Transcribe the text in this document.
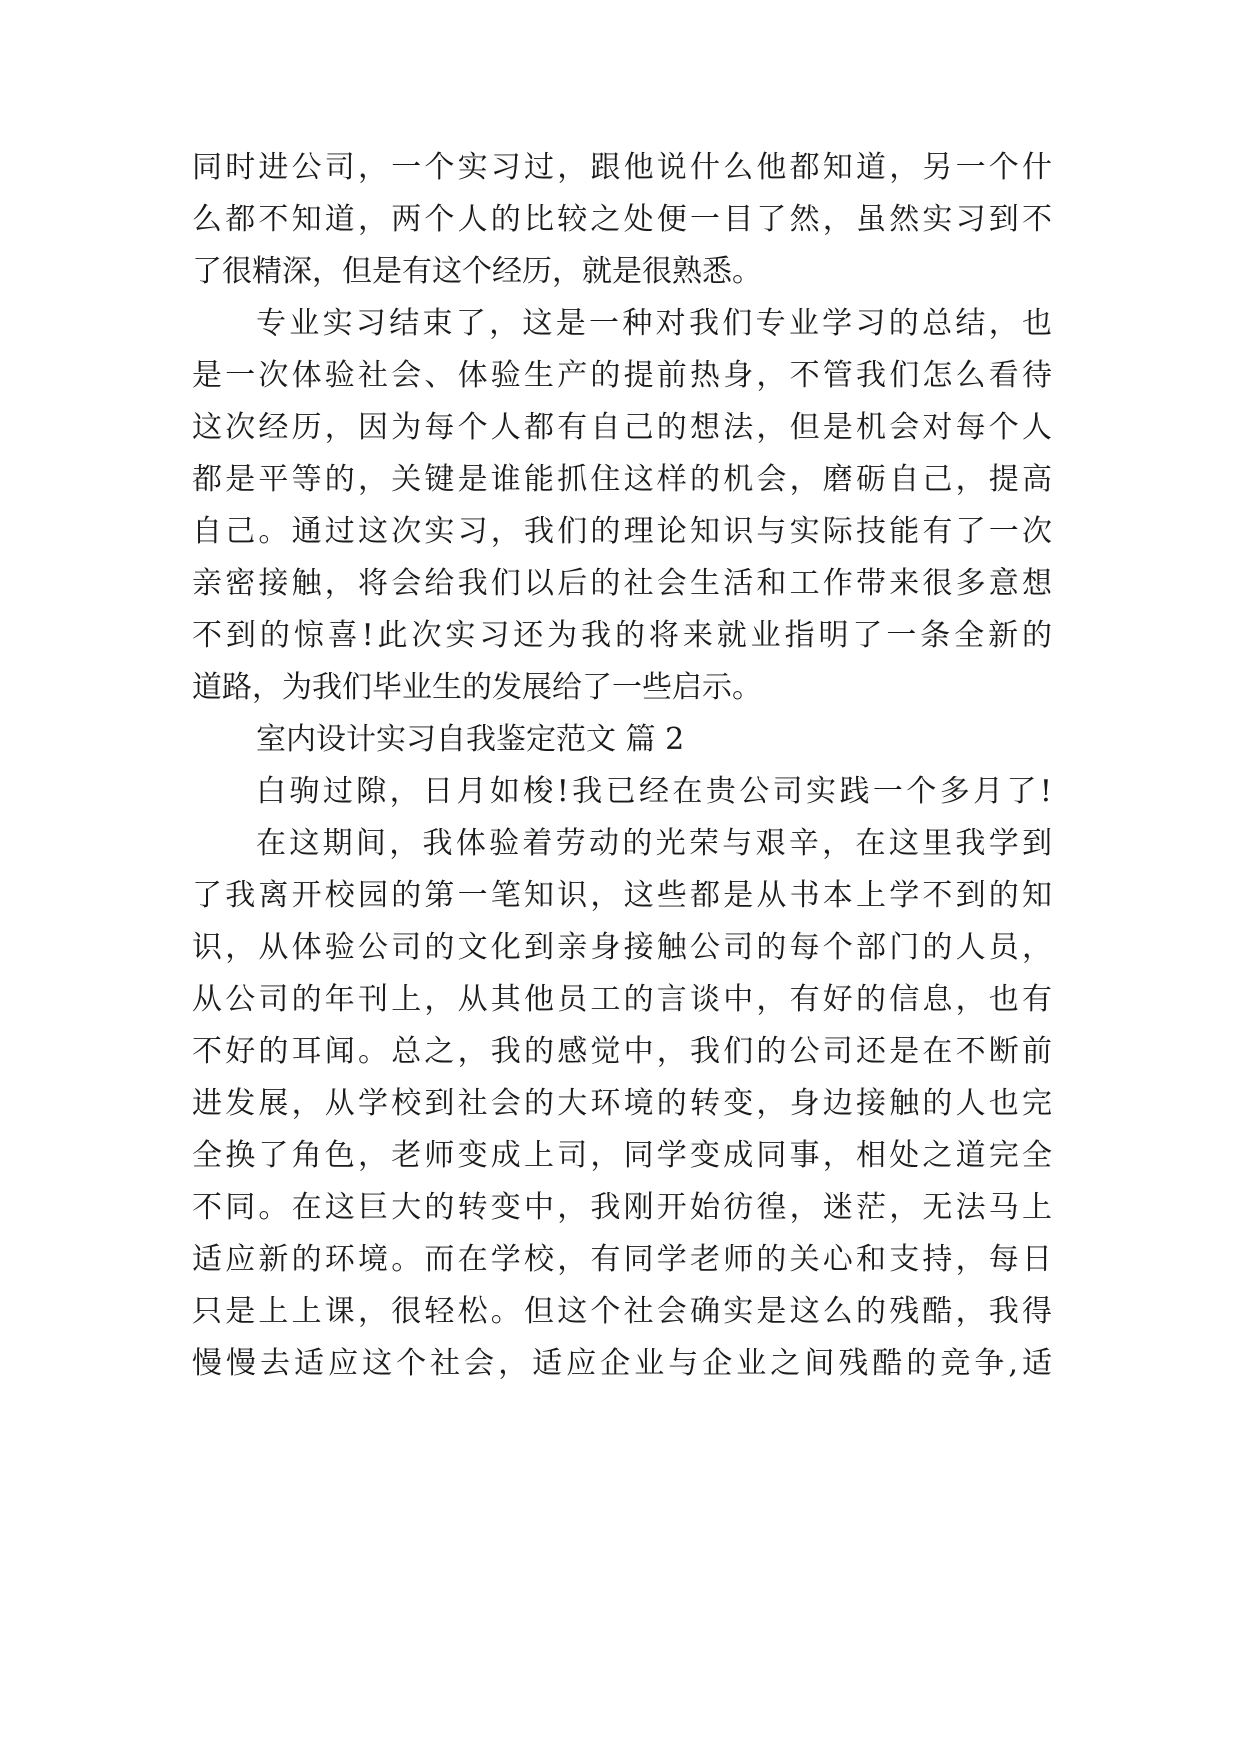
同时进公司，一个实习过，跟他说什么他都知道，另一个什

么都不知道，两个人的比较之处便一目了然，虽然实习到不

了很精深，但是有这个经历，就是很熟悉。

专业实习结束了，这是一种对我们专业学习的总结，也

是一次体验社会、体验生产的提前热身，不管我们怎么看待

这次经历，因为每个人都有自己的想法，但是机会对每个人

都是平等的，关键是谁能抓住这样的机会，磨砺自己，提高

自己。通过这次实习，我们的理论知识与实际技能有了一次

亲密接触，将会给我们以后的社会生活和工作带来很多意想

不到的惊喜!此次实习还为我的将来就业指明了一条全新的

道路，为我们毕业生的发展给了一些启示。

室内设计实习自我鉴定范文 篇 2

白驹过隙，日月如梭!我已经在贵公司实践一个多月了!

在这期间，我体验着劳动的光荣与艰辛，在这里我学到

了我离开校园的第一笔知识，这些都是从书本上学不到的知

识，从体验公司的文化到亲身接触公司的每个部门的人员，

从公司的年刊上，从其他员工的言谈中，有好的信息，也有

不好的耳闻。总之，我的感觉中，我们的公司还是在不断前

进发展，从学校到社会的大环境的转变，身边接触的人也完

全换了角色，老师变成上司，同学变成同事，相处之道完全

不同。在这巨大的转变中，我刚开始彷徨，迷茫，无法马上

适应新的环境。而在学校，有同学老师的关心和支持，每日

只是上上课，很轻松。但这个社会确实是这么的残酷，我得

慢慢去适应这个社会，适应企业与企业之间残酷的竞争,适
